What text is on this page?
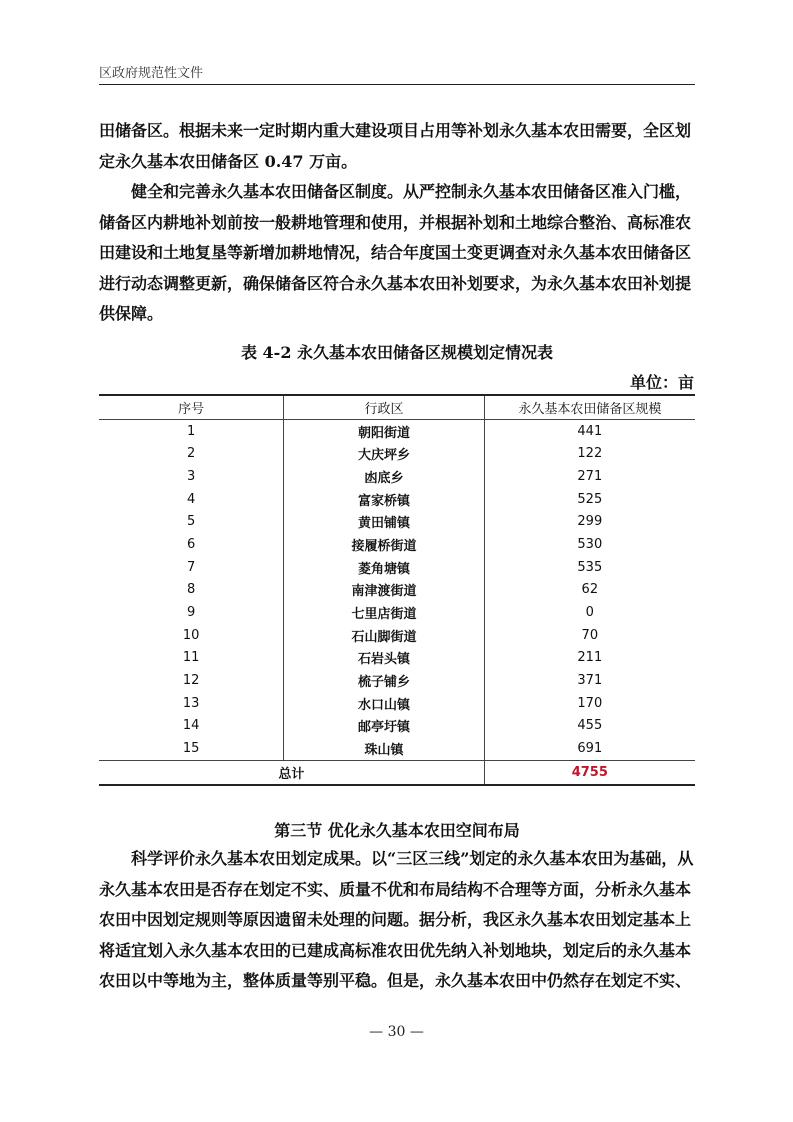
区政府规范性文件

田储备区。根据未来一定时期内重大建设项目占用等补划永久基本农田需要，全区划定永久基本农田储备区 0.47 万亩。

健全和完善永久基本农田储备区制度。从严控制永久基本农田储备区准入门槛，储备区内耕地补划前按一般耕地管理和使用，并根据补划和土地综合整治、高标准农田建设和土地复垦等新增加耕地情况，结合年度国土变更调查对永久基本农田储备区进行动态调整更新，确保储备区符合永久基本农田补划要求，为永久基本农田补划提供保障。

表 4-2 永久基本农田储备区规模划定情况表
单位：亩
序号	行政区	永久基本农田储备区规模
1	朝阳街道	441
2	大庆坪乡	122
3	凼底乡	271
4	富家桥镇	525
5	黄田铺镇	299
6	接履桥街道	530
7	菱角塘镇	535
8	南津渡街道	62
9	七里店街道	0
10	石山脚街道	70
11	石岩头镇	211
12	梳子铺乡	371
13	水口山镇	170
14	邮亭圩镇	455
15	珠山镇	691
总计		4755
第三节 优化永久基本农田空间布局

科学评价永久基本农田划定成果。以“三区三线”划定的永久基本农田为基础，从永久基本农田是否存在划定不实、质量不优和布局结构不合理等方面，分析永久基本农田中因划定规则等原因遗留未处理的问题。据分析，我区永久基本农田划定基本上将适宜划入永久基本农田的已建成高标准农田优先纳入补划地块，划定后的永久基本农田以中等地为主，整体质量等别平稳。但是，永久基本农田中仍然存在划定不实、

— 30 —
